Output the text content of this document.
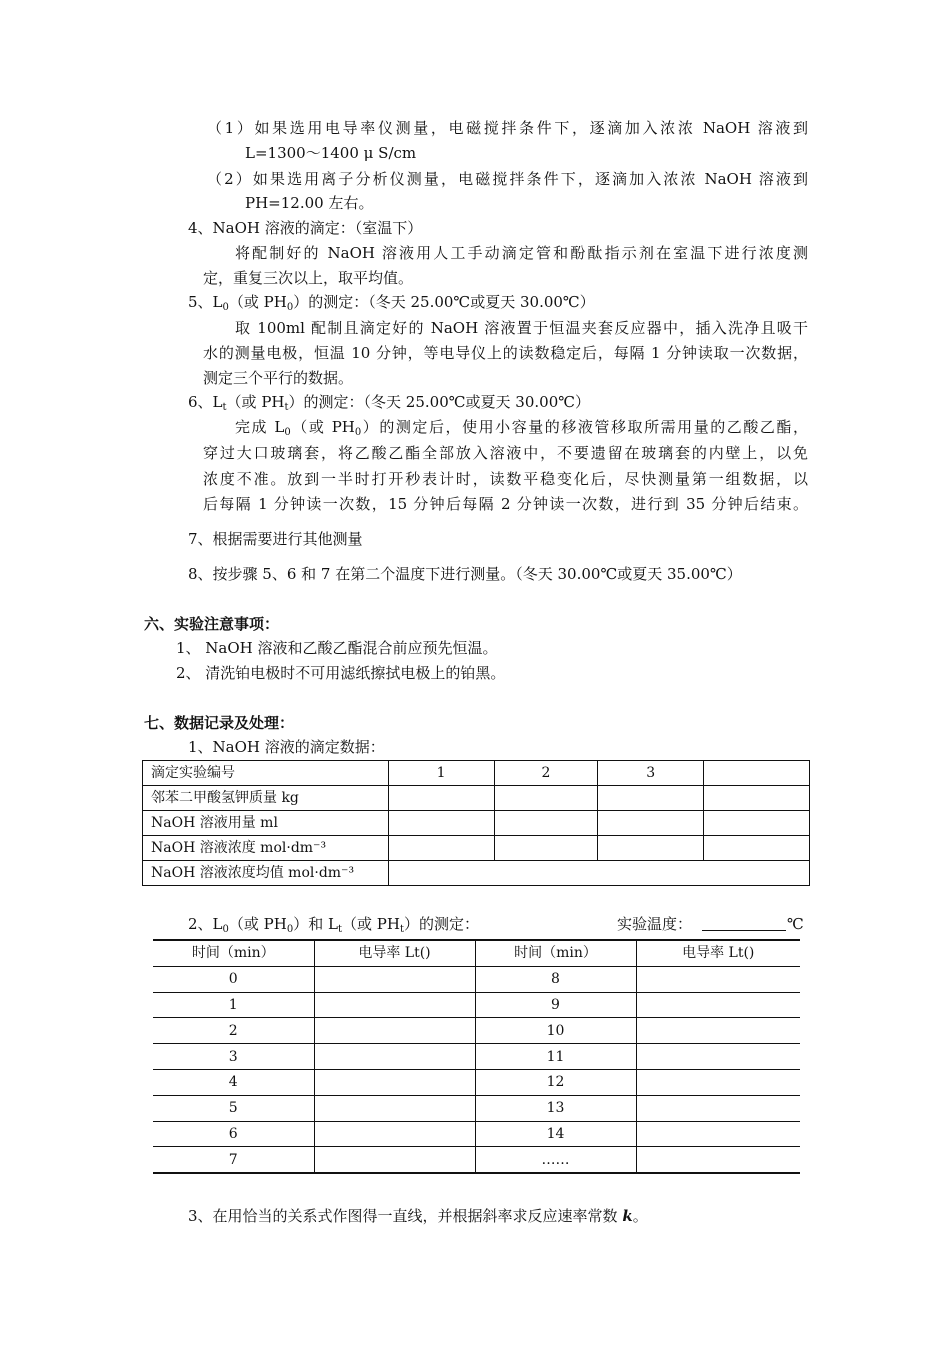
（1）如果选用电导率仪测量，电磁搅拌条件下，逐滴加入浓浓 NaOH 溶液到
L=1300～1400 μ S/cm
（2）如果选用离子分析仪测量，电磁搅拌条件下，逐滴加入浓浓 NaOH 溶液到
PH=12.00 左右。
4、NaOH 溶液的滴定：（室温下）
将配制好的 NaOH 溶液用人工手动滴定管和酚酞指示剂在室温下进行浓度测
定，重复三次以上，取平均值。
5、$L_0$（或 $PH_0$）的测定：（冬天 25.00℃或夏天 30.00℃）
取 100ml 配制且滴定好的 NaOH 溶液置于恒温夹套反应器中，插入洗净且吸干
水的测量电极，恒温 10 分钟，等电导仪上的读数稳定后，每隔 1 分钟读取一次数据，
测定三个平行的数据。
6、$L_t$（或 $PH_t$）的测定：（冬天 25.00℃或夏天 30.00℃）
完成 $L_0$（或 $PH_0$）的测定后，使用小容量的移液管移取所需用量的乙酸乙酯，
穿过大口玻璃套，将乙酸乙酯全部放入溶液中，不要遗留在玻璃套的内壁上，以免
浓度不准。放到一半时打开秒表计时，读数平稳变化后，尽快测量第一组数据，以
后每隔 1 分钟读一次数，15 分钟后每隔 2 分钟读一次数，进行到 35 分钟后结束。
7、根据需要进行其他测量
8、按步骤 5、6 和 7 在第二个温度下进行测量。（冬天 30.00℃或夏天 35.00℃）
六、实验注意事项：
1、 NaOH 溶液和乙酸乙酯混合前应预先恒温。
2、 清洗铂电极时不可用滤纸擦拭电极上的铂黑。
七、数据记录及处理：
1、NaOH 溶液的滴定数据：
滴定实验编号	1	2	3	
邻苯二甲酸氢钾质量 kg				
NaOH 溶液用量 ml				
NaOH 溶液浓度 mol·dm⁻³				
NaOH 溶液浓度均值 mol·dm⁻³				
2、$L_0$（或 $PH_0$）和 $L_t$（或 $PH_t$）的测定：	实验温度：	℃
时间（min）	电导率 Lt()	时间（min）	电导率 Lt()
0		8	
1		9	
2		10	
3		11	
4		12	
5		13	
6		14	
7		……	
3、在用恰当的关系式作图得一直线，并根据斜率求反应速率常数 k。
